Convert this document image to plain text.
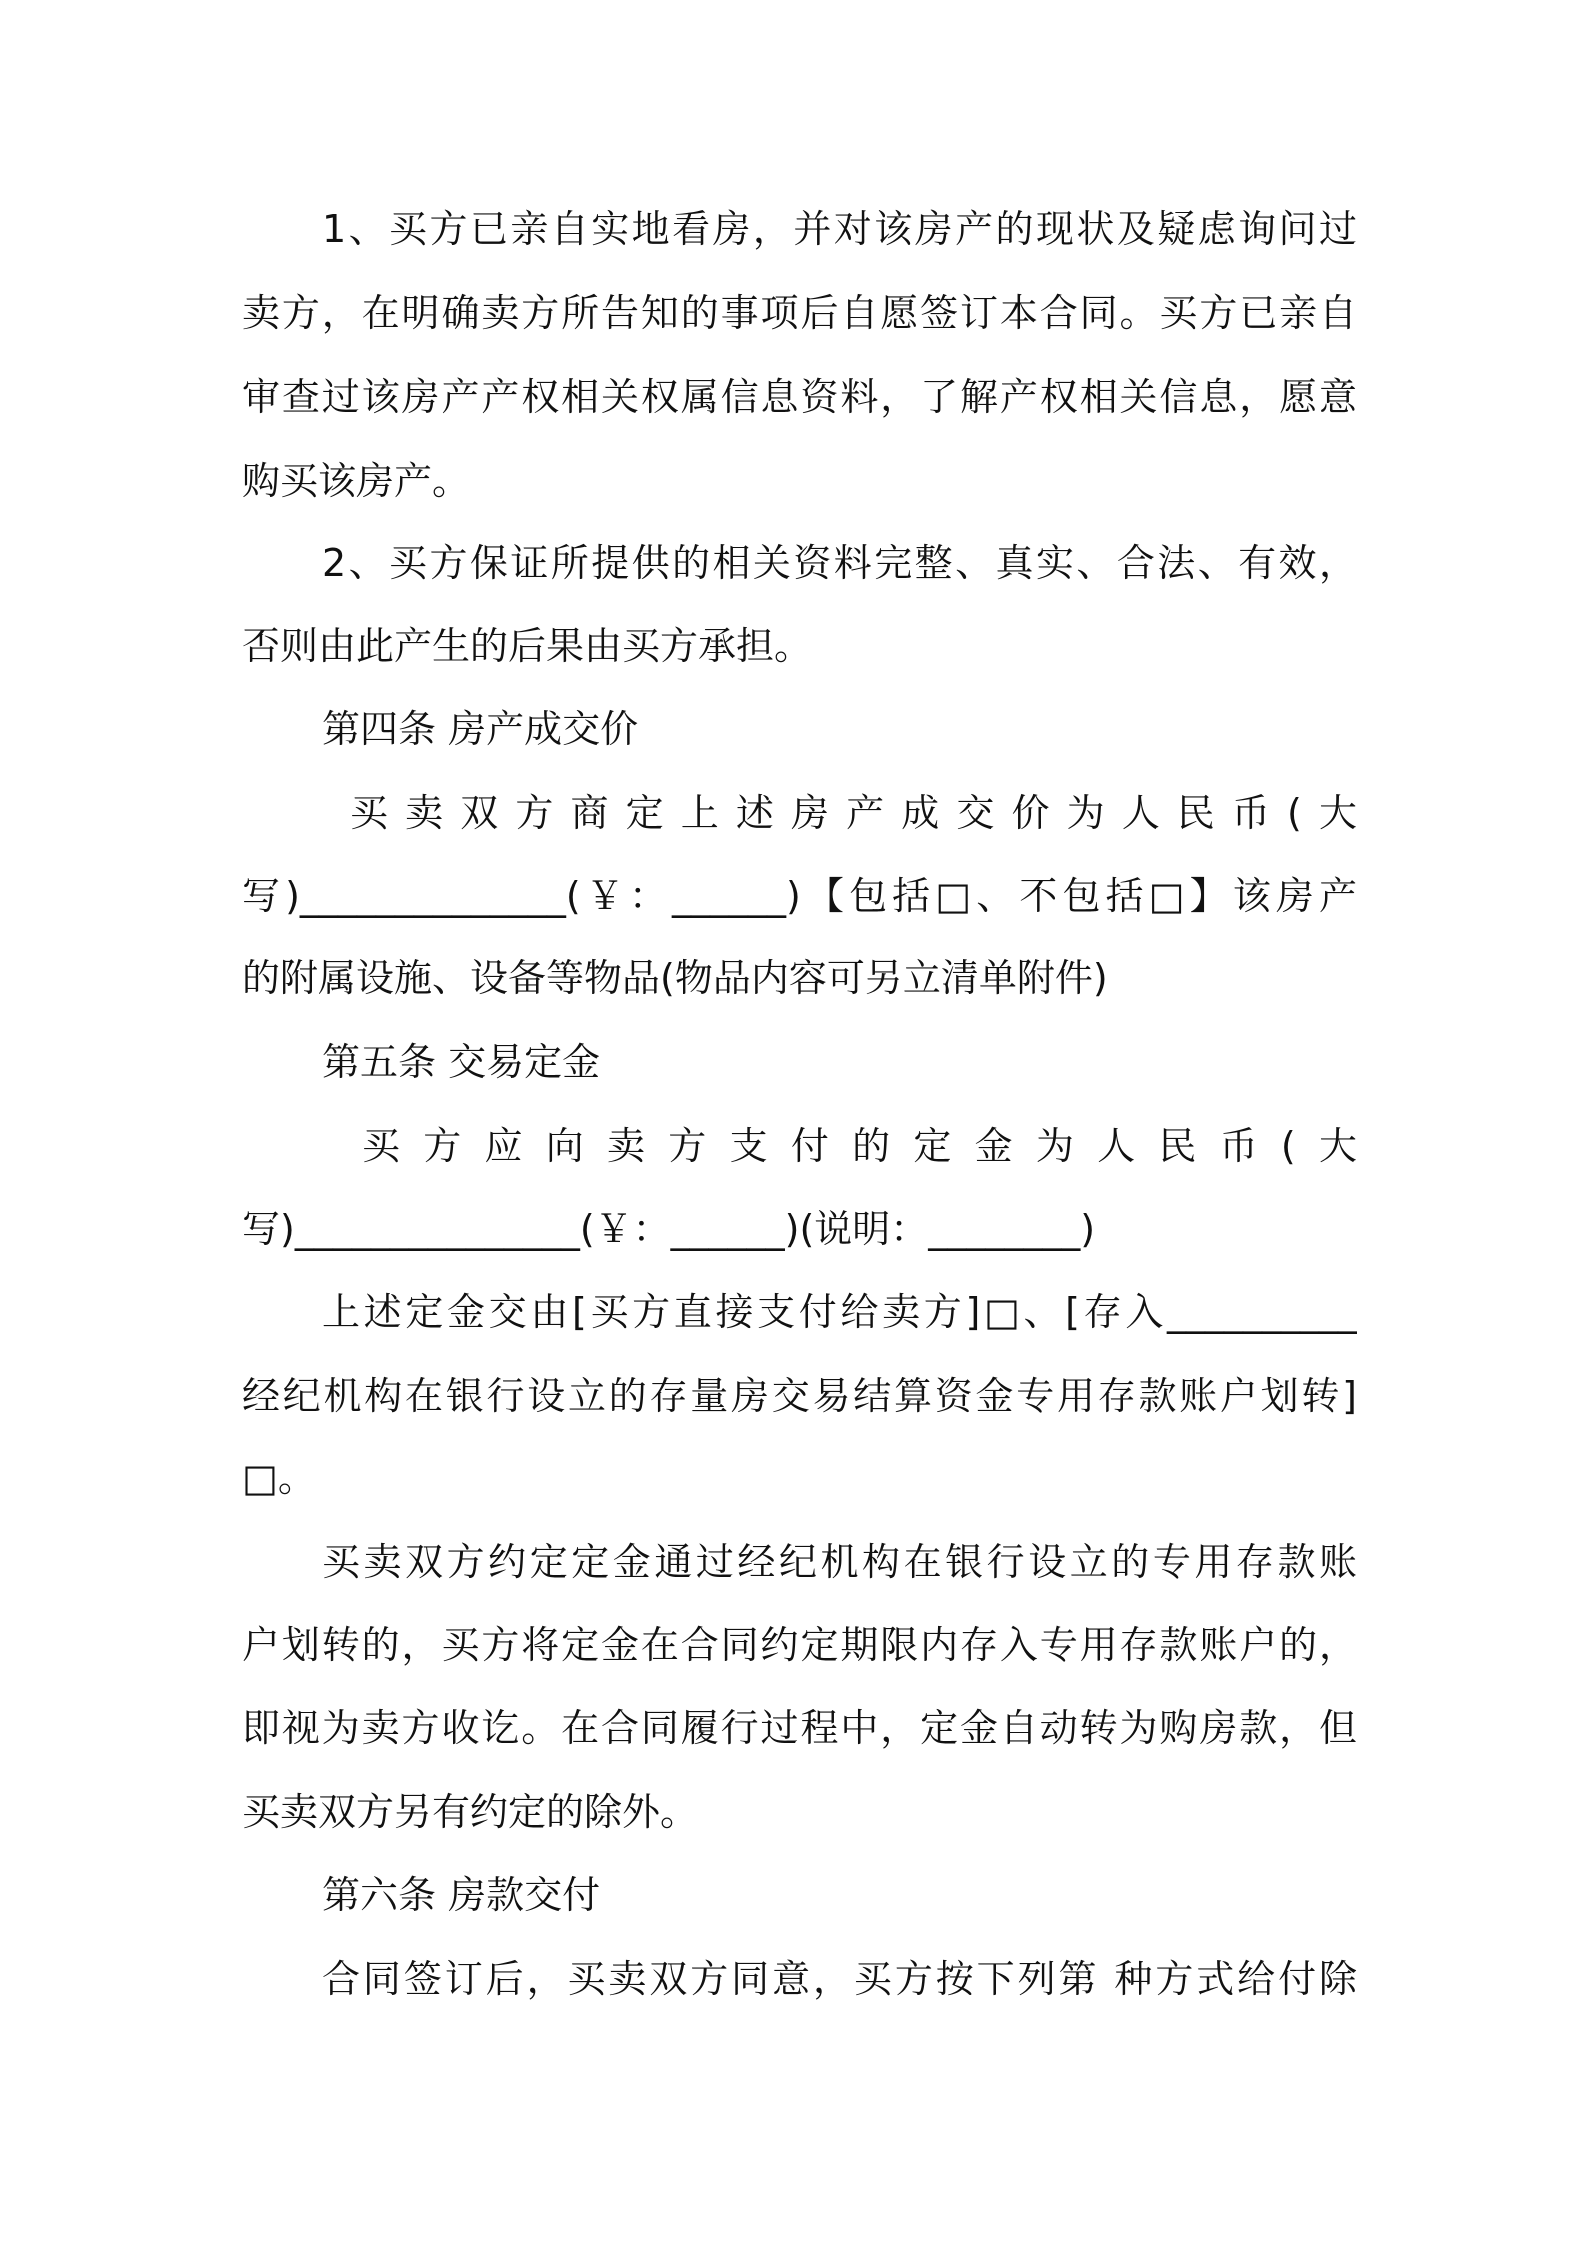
1、买方已亲自实地看房，并对该房产的现状及疑虑询问过
卖方，在明确卖方所告知的事项后自愿签订本合同。买方已亲自
审查过该房产产权相关权属信息资料，了解产权相关信息，愿意
购买该房产。
2、买方保证所提供的相关资料完整、真实、合法、有效，
否则由此产生的后果由买方承担。
第四条 房产成交价
买卖双方商定上述房产成交价为人民币(大
写)______________(￥：______)【包括□、不包括□】该房产
的附属设施、设备等物品(物品内容可另立清单附件)
第五条 交易定金
买方应向卖方支付的定金为人民币(大
写)_______________(￥：______)(说明：________)
上述定金交由[买方直接支付给卖方]□、[存入__________
经纪机构在银行设立的存量房交易结算资金专用存款账户划转]
□。
买卖双方约定定金通过经纪机构在银行设立的专用存款账
户划转的，买方将定金在合同约定期限内存入专用存款账户的，
即视为卖方收讫。在合同履行过程中，定金自动转为购房款，但
买卖双方另有约定的除外。
第六条 房款交付
合同签订后，买卖双方同意，买方按下列第 种方式给付除
